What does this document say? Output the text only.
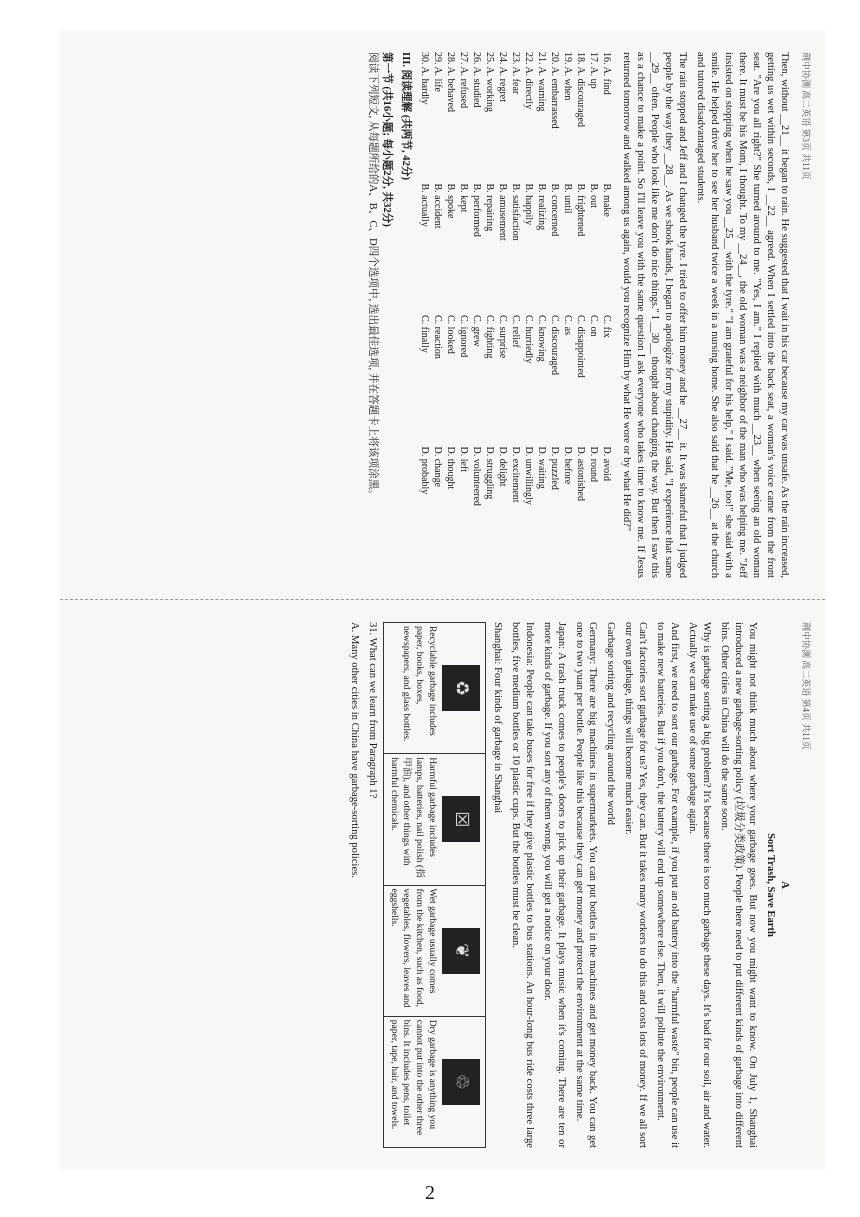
荆中协测 高二英语 第3页 共11页

Then, without __21__ it began to rain. He suggested that I wait in his car because my car was unsafe. As the rain increased, getting us wet within seconds, I __22__ agreed. When I settled into the back seat, a woman's voice came from the front seat. "Are you all right?" She turned around to me. "Yes, I am." I replied with much __23__ when seeing an old woman there. It must be his Mom, I thought. To my __24__, the old woman was a neighbor of the man who was helping me. "Jeff insisted on stopping when he saw you __25__ with the tyre." "I am grateful for his help," I said. "Me, too!" she said with a smile. He helped drive her to see her husband twice a week in a nursing home. She also said that he __26__ at the church and tutored disadvantaged students.

The rain stopped and Jeff and I changed the tyre. I tried to offer him money and he __27__ it. It was shameful that I judged people by the way they __28__. As we shook hands, I began to apologize for my stupidity. He said, "I experience that same __29__ often. People who look like me don't do nice things." I __30__ thought about changing the way. But then I saw this as a chance to make a point. So I'll leave you with the same question I ask everyone who takes time to know me. If Jesus returned tomorrow and walked among us again, would you recognize Him by what He wore or by what He did?"

16. A. find
B. make
C. fix
D. avoid
17. A. up
B. out
C. on
D. round
18. A. discouraged
B. frightened
C. disappointed
D. astonished
19. A. when
B. until
C. as
D. before
20. A. embarrassed
B. concerned
C. discouraged
D. puzzled
21. A. warning
B. realizing
C. knowing
D. waiting
22. A. directly
B. happily
C. hurriedly
D. unwillingly
23. A. fear
B. satisfaction
C. relief
D. excitement
24. A. regret
B. amusement
C. surprise
D. delight
25. A. working
B. repairing
C. fighting
D. struggling
26. A. studied
B. performed
C. grew
D. volunteered
27. A. refused
B. kept
C. ignored
D. left
28. A. behaved
B. spoke
C. looked
D. thought
29. A. life
B. accident
C. reaction
D. change
30. A. hardly
B. actually
C. finally
D. probably
III. 阅读理解 (共两节, 42分)
第一节 (共16小题; 每小题2分, 共32分)
阅读下列短文, 从每题所给的A、B、C、D四个选项中, 选出最佳选项, 并在答题卡上将该项涂黑。
荆中协测 高二英语 第4页 共11页
A
Sort Trash, Save Earth

You might not think much about where your garbage goes. But now you might want to know. On July 1, Shanghai introduced a new garbage-sorting policy (垃圾分类政策). People there need to put different kinds of garbage into different bins. Other cities in China will do the same soon.

Why is garbage sorting a big problem? It's because there is too much garbage these days. It's bad for our soil, air and water. Actually we can make use of some garbage again.

And first, we need to sort our garbage. For example, if you put an old battery into the "harmful waste" bin, people can use it to make new batteries. But if you don't, the battery will end up somewhere else. Then, it will pollute the environment.

Can't factories sort garbage for us? Yes, they can. But it takes many workers to do this and costs lots of money. If we all sort our own garbage, things will become much easier.

Garbage sorting and recycling around the world

Germany: There are big machines in supermarkets. You can put bottles in the machines and get money back. You can get one to two yuan per bottle. People like this because they can get money and protect the environment at the same time.

Japan: A trash truck comes to people's doors to pick up their garbage. It plays music when it's coming. There are ten or more kinds of garbage. If you sort any of them wrong, you will get a notice on your door.

Indonesia: People can take buses for free if they give plastic bottles to bus stations. An hour-long bus ride costs three large bottles, five medium bottles or 10 plastic cups. But the bottles must be clean.

Shanghai: Four kinds of garbage in Shanghai

♻
Recyclable garbage includes paper, books, boxes, newspapers, and glass bottles.

☒
Harmful garbage includes lamps, batteries, nail polish (指甲油), and other things with harmful chemicals.

❦
Wet garbage usually comes from the kitchen, such as food, vegetables, flowers, leaves and eggshells.

♲
Dry garbage is anything you cannot put into the other three bins. It includes pens, toilet paper, tape, hair, and towels.
31. What can we learn from Paragraph 1?
A. Many other cities in China have garbage-sorting policies.
2
